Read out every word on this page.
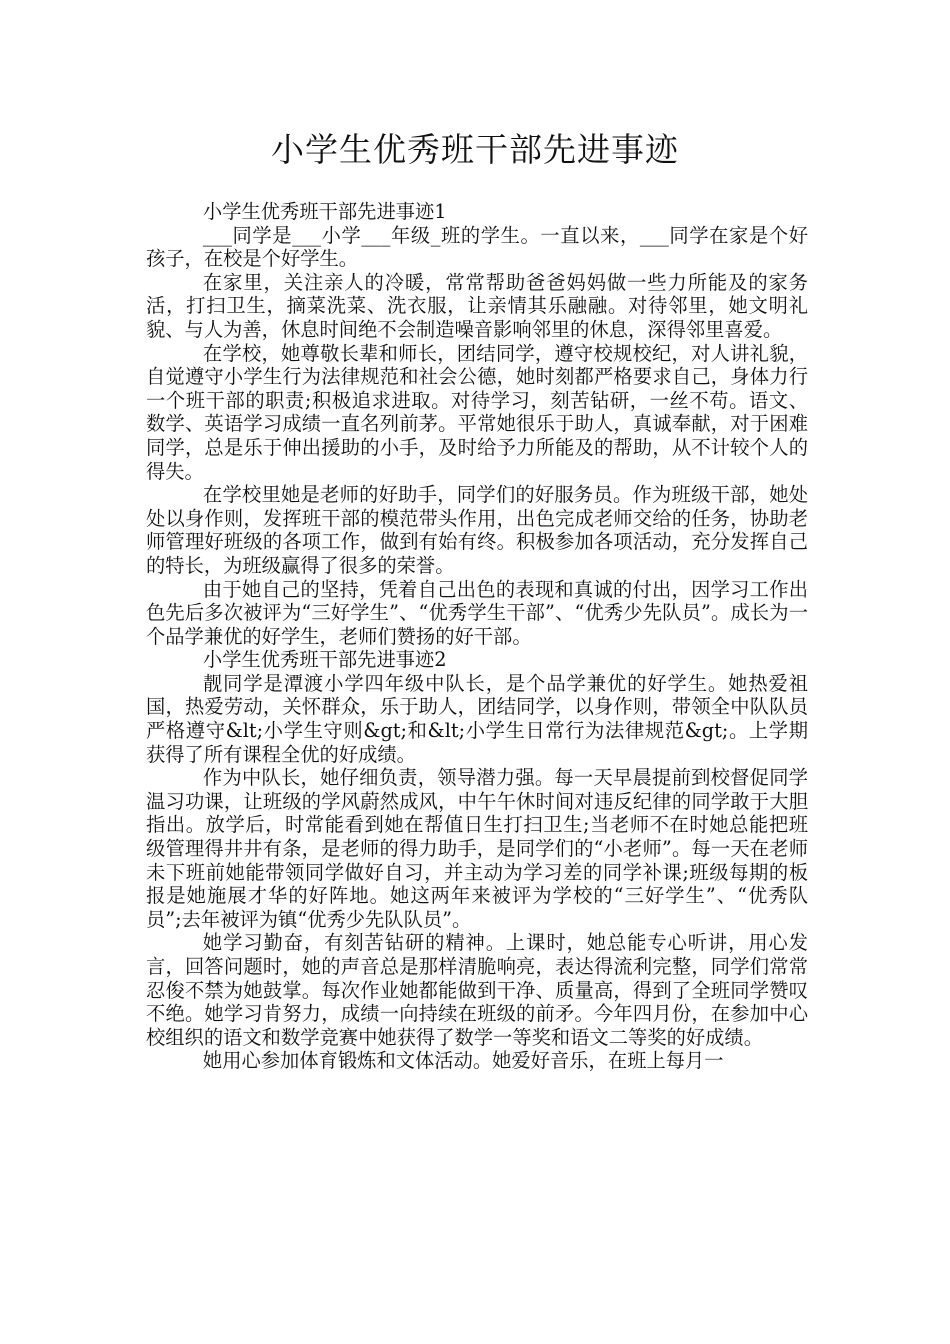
小学生优秀班干部先进事迹

小学生优秀班干部先进事迹1

___同学是___小学___年级_班的学生。一直以来，___同学在家是个好孩子，在校是个好学生。

在家里，关注亲人的冷暖，常常帮助爸爸妈妈做一些力所能及的家务活，打扫卫生，摘菜洗菜、洗衣服，让亲情其乐融融。对待邻里，她文明礼貌、与人为善，休息时间绝不会制造噪音影响邻里的休息，深得邻里喜爱。

在学校，她尊敬长辈和师长，团结同学，遵守校规校纪，对人讲礼貌，自觉遵守小学生行为法律规范和社会公德，她时刻都严格要求自己，身体力行一个班干部的职责;积极追求进取。对待学习，刻苦钻研，一丝不苟。语文、数学、英语学习成绩一直名列前茅。平常她很乐于助人，真诚奉献，对于困难同学，总是乐于伸出援助的小手，及时给予力所能及的帮助，从不计较个人的得失。

在学校里她是老师的好助手，同学们的好服务员。作为班级干部，她处处以身作则，发挥班干部的模范带头作用，出色完成老师交给的任务，协助老师管理好班级的各项工作，做到有始有终。积极参加各项活动，充分发挥自己的特长，为班级赢得了很多的荣誉。

由于她自己的坚持，凭着自己出色的表现和真诚的付出，因学习工作出色先后多次被评为“三好学生”、“优秀学生干部”、“优秀少先队员”。成长为一个品学兼优的好学生，老师们赞扬的好干部。

小学生优秀班干部先进事迹2

靓同学是潭渡小学四年级中队长，是个品学兼优的好学生。她热爱祖国，热爱劳动，关怀群众，乐于助人，团结同学，以身作则，带领全中队队员严格遵守&lt;小学生守则&gt;和&lt;小学生日常行为法律规范&gt;。上学期获得了所有课程全优的好成绩。

作为中队长，她仔细负责，领导潜力强。每一天早晨提前到校督促同学温习功课，让班级的学风蔚然成风，中午午休时间对违反纪律的同学敢于大胆指出。放学后，时常能看到她在帮值日生打扫卫生;当老师不在时她总能把班级管理得井井有条，是老师的得力助手，是同学们的“小老师”。每一天在老师未下班前她能带领同学做好自习，并主动为学习差的同学补课;班级每期的板报是她施展才华的好阵地。她这两年来被评为学校的“三好学生”、“优秀队员”;去年被评为镇“优秀少先队队员”。

她学习勤奋，有刻苦钻研的精神。上课时，她总能专心听讲，用心发言，回答问题时，她的声音总是那样清脆响亮，表达得流利完整，同学们常常忍俊不禁为她鼓掌。每次作业她都能做到干净、质量高，得到了全班同学赞叹不绝。她学习肯努力，成绩一向持续在班级的前矛。今年四月份，在参加中心校组织的语文和数学竞赛中她获得了数学一等奖和语文二等奖的好成绩。

她用心参加体育锻炼和文体活动。她爱好音乐，在班上每月一
